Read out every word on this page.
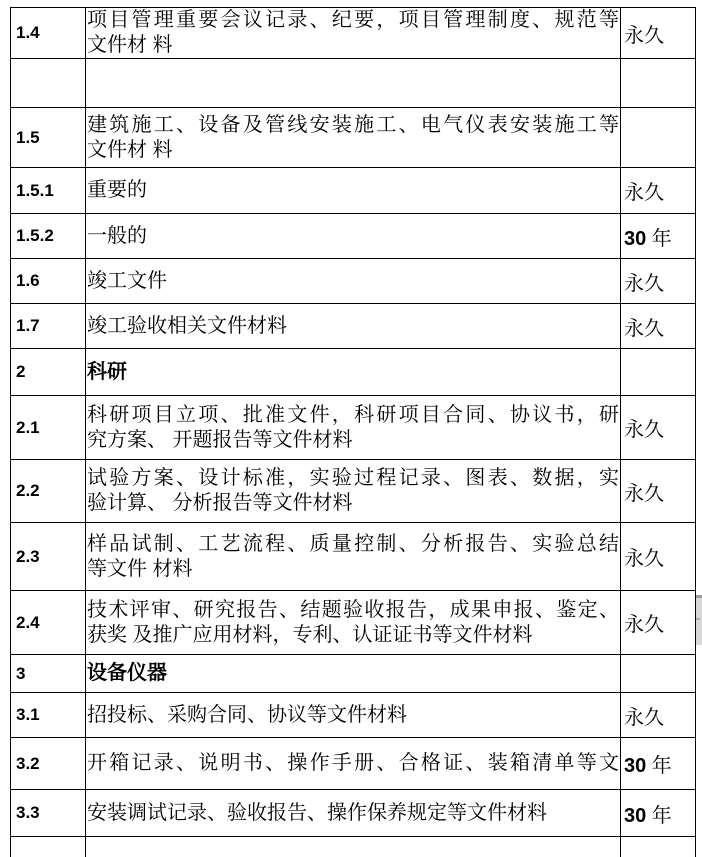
1.4	项目管理重要会议记录、纪要，项目管理制度、规范等
文件材 料	永久

1.5	建筑施工、设备及管线安装施工、电气仪表安装施工等
文件材 料	

1.5.1	重要的	永久
1.5.2	一般的	30 年
1.6	竣工文件	永久
1.7	竣工验收相关文件材料	永久
2	科研	

2.1	科研项目立项、批准文件，科研项目合同、协议书，研
究方案、 开题报告等文件材料	永久
2.2	试验方案、设计标准，实验过程记录、图表、数据，实
验计算、 分析报告等文件材料	永久
2.3	样品试制、工艺流程、质量控制、分析报告、实验总结
等文件 材料	永久
2.4	技术评审、研究报告、结题验收报告，成果申报、鉴定、
获奖 及推广应用材料，专利、认证证书等文件材料	永久
3	设备仪器	

3.1	招投标、采购合同、协议等文件材料	永久
3.2	开箱记录、说明书、操作手册、合格证、装箱清单等文	30 年
3.3	安装调试记录、验收报告、操作保养规定等文件材料	30 年
